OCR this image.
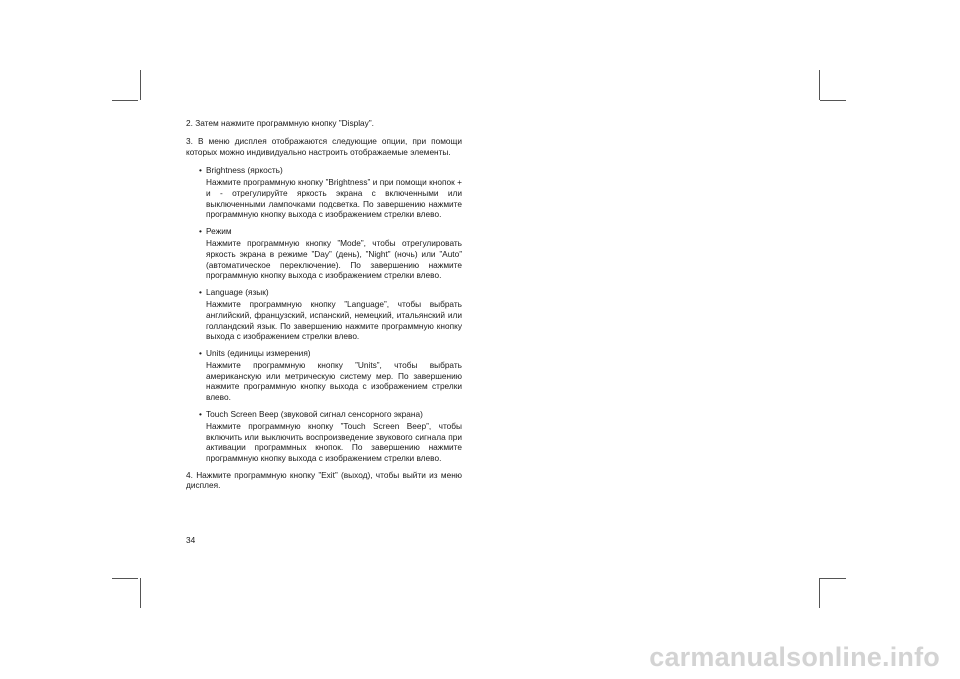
2. Затем нажмите программную кнопку ”Display”.

3. В меню дисплея отображаются следующие опции, при помощи которых можно индивидуально настроить отображаемые элементы.

• Brightness (яркость)

Нажмите программную кнопку ”Brightness” и при помощи кнопок + и - отрегулируйте яркость экрана с включенными или выключенными лампочками подсветка. По завершению нажмите программную кнопку выхода с изображением стрелки влево.

• Режим

Нажмите программную кнопку ”Mode”, чтобы отрегулировать яркость экрана в режиме ”Day” (день), ”Night” (ночь) или ”Auto” (автоматическое переключение). По завершению нажмите программную кнопку выхода с изображением стрелки влево.

• Language (язык)

Нажмите программную кнопку ”Language”, чтобы выбрать английский, французский, испанский, немецкий, итальянский или голландский язык. По завершению нажмите программную кнопку выхода с изображением стрелки влево.

• Units (единицы измерения)

Нажмите программную кнопку ”Units”, чтобы выбрать американскую или метрическую систему мер. По завершению нажмите программную кнопку выхода с изображением стрелки влево.

• Touch Screen Beep (звуковой сигнал сенсорного экрана)

Нажмите программную кнопку ”Touch Screen Beep”, чтобы включить или выключить воспроизведение звукового сигнала при активации программных кнопок. По завершению нажмите программную кнопку выхода с изображением стрелки влево.

4. Нажмите программную кнопку ”Exit” (выход), чтобы выйти из меню дисплея.

34
carmanualsonline.info
